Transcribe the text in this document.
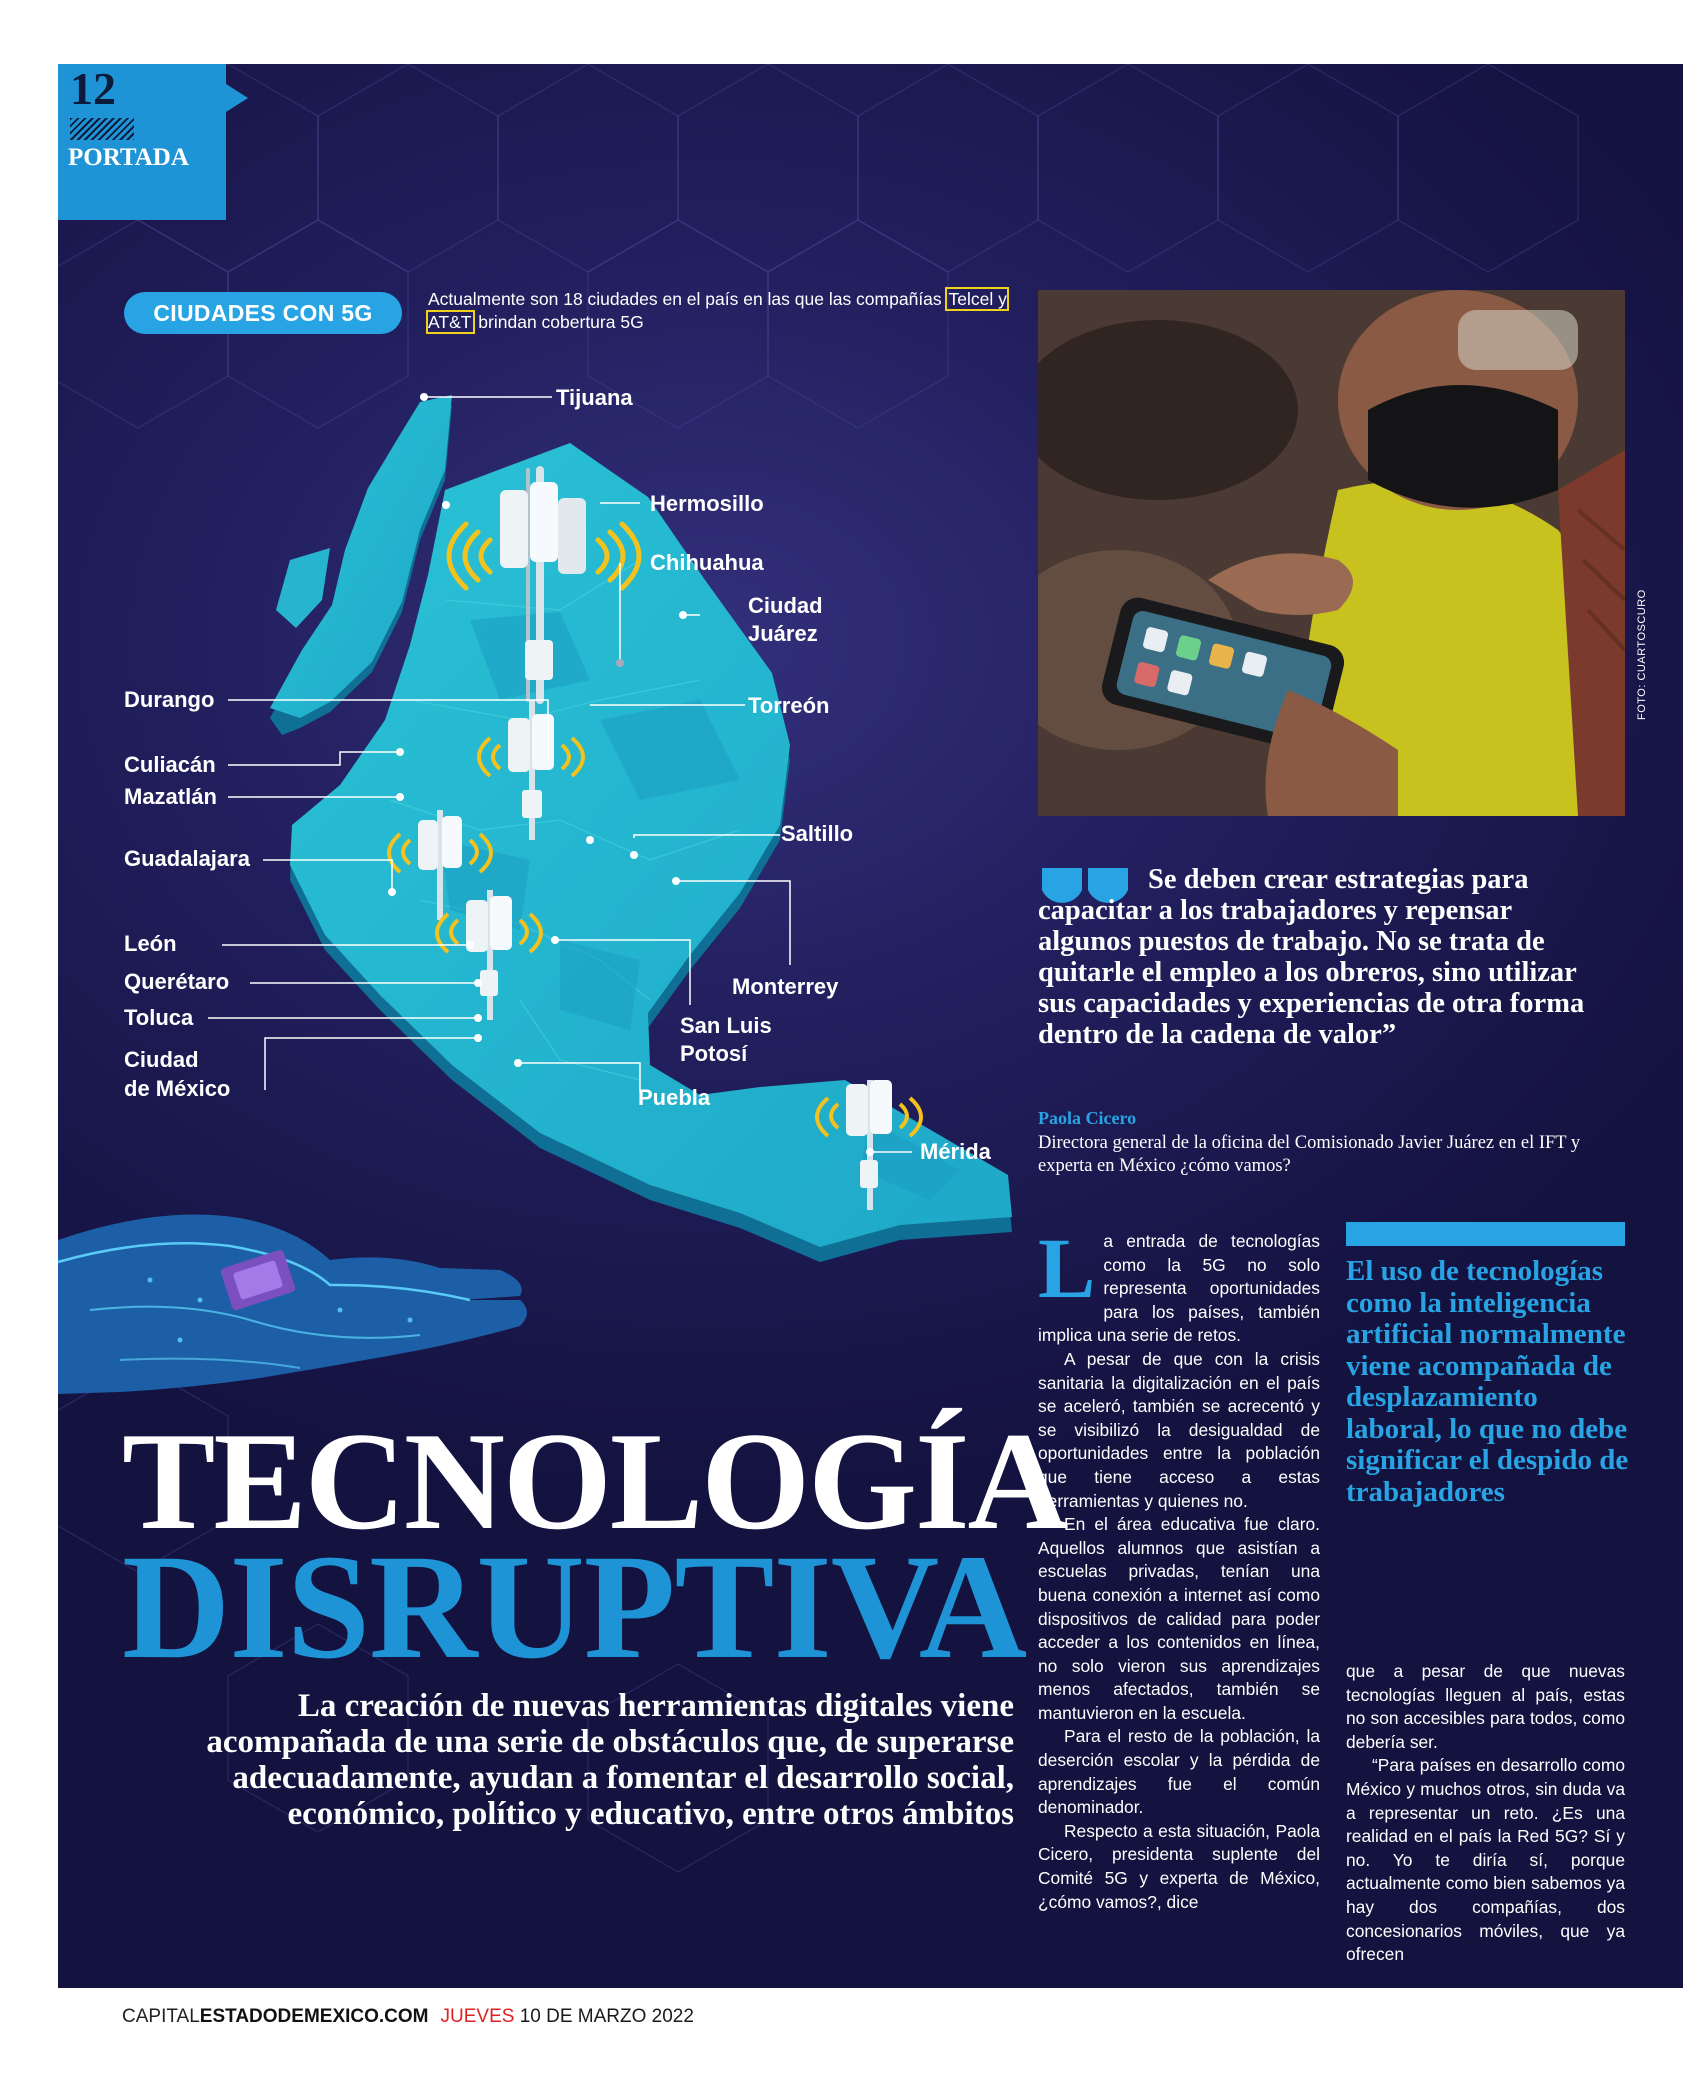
12
PORTADA
CIUDADES CON 5G
Actualmente son 18 ciudades en el país en las que las compañías Telcel y AT&T brindan cobertura 5G
Tijuana
Hermosillo
Chihuahua
Ciudad
Juárez
Torreón
Durango
Culiacán
Mazatlán
Saltillo
Guadalajara
León
Monterrey
Querétaro
San Luis
Potosí
Toluca
Ciudad
de México	Puebla
Mérida
FOTO: CUARTOSCURO
Se deben crear estrategias para capacitar a los trabajadores y repensar algunos puestos de trabajo. No se trata de quitarle el empleo a los obreros, sino utilizar sus capacidades y experiencias de otra forma dentro de la cadena de valor”
Paola Cicero
Directora general de la oficina del Comisionado Javier Juárez en el IFT y experta en México ¿cómo vamos?
TECNOLOGÍA
DISRUPTIVA
La creación de nuevas herramientas digitales viene acompañada de una serie de obstáculos que, de superarse adecuadamente, ayudan a fomentar el desarrollo social, económico, político y educativo, entre otros ámbitos

La entrada de tecnologías como la 5G no solo representa oportunidades para los países, también implica una serie de retos.

A pesar de que con la crisis sanitaria la digitalización en el país se aceleró, también se acrecentó y se visibilizó la desigualdad de oportunidades entre la población que tiene acceso a estas herramientas y quienes no.

En el área educativa fue claro. Aquellos alumnos que asistían a escuelas privadas, tenían una buena conexión a internet así como dispositivos de calidad para poder acceder a los contenidos en línea, no solo vieron sus aprendizajes menos afectados, también se mantuvieron en la escuela.

Para el resto de la población, la deserción escolar y la pérdida de aprendizajes fue el común denominador.

Respecto a esta situación, Paola Cicero, presidenta suplente del Comité 5G y experta de México, ¿cómo vamos?, dice

El uso de tecnologías como la inteligencia artificial normalmente viene acompañada de desplazamiento laboral, lo que no debe significar el despido de trabajadores

que a pesar de que nuevas tecnologías lleguen al país, estas no son accesibles para todos, como debería ser.

“Para países en desarrollo como México y muchos otros, sin duda va a representar un reto. ¿Es una realidad en el país la Red 5G? Sí y no. Yo te diría sí, porque actualmente como bien sabemos ya hay dos compañías, dos concesionarios móviles, que ya ofrecen

CAPITALESTADODEMEXICO.COM JUEVES 10 DE MARZO 2022
